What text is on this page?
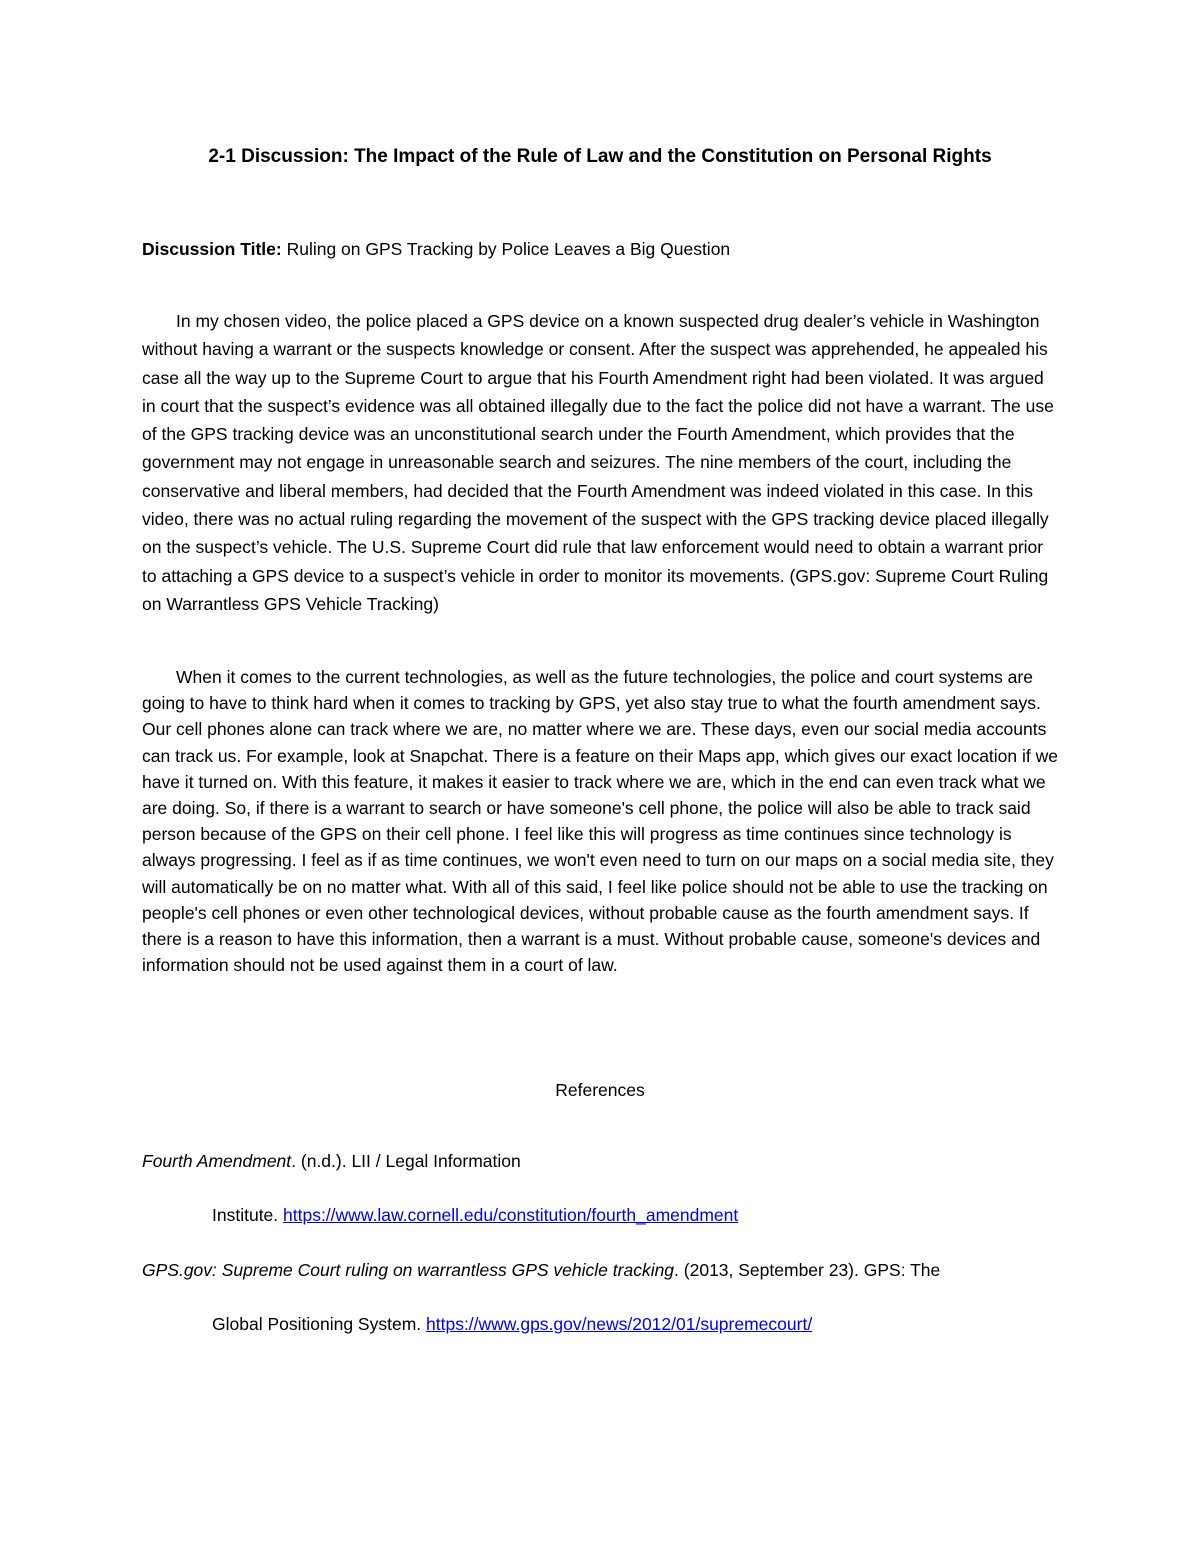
2-1 Discussion: The Impact of the Rule of Law and the Constitution on Personal Rights

Discussion Title: Ruling on GPS Tracking by Police Leaves a Big Question

In my chosen video, the police placed a GPS device on a known suspected drug dealer’s vehicle in Washington without having a warrant or the suspects knowledge or consent. After the suspect was apprehended, he appealed his case all the way up to the Supreme Court to argue that his Fourth Amendment right had been violated. It was argued in court that the suspect’s evidence was all obtained illegally due to the fact the police did not have a warrant. The use of the GPS tracking device was an unconstitutional search under the Fourth Amendment, which provides that the government may not engage in unreasonable search and seizures. The nine members of the court, including the conservative and liberal members, had decided that the Fourth Amendment was indeed violated in this case. In this video, there was no actual ruling regarding the movement of the suspect with the GPS tracking device placed illegally on the suspect’s vehicle. The U.S. Supreme Court did rule that law enforcement would need to obtain a warrant prior to attaching a GPS device to a suspect’s vehicle in order to monitor its movements. (GPS.gov: Supreme Court Ruling on Warrantless GPS Vehicle Tracking)

When it comes to the current technologies, as well as the future technologies, the police and court systems are going to have to think hard when it comes to tracking by GPS, yet also stay true to what the fourth amendment says. Our cell phones alone can track where we are, no matter where we are. These days, even our social media accounts can track us. For example, look at Snapchat. There is a feature on their Maps app, which gives our exact location if we have it turned on. With this feature, it makes it easier to track where we are, which in the end can even track what we are doing. So, if there is a warrant to search or have someone's cell phone, the police will also be able to track said person because of the GPS on their cell phone. I feel like this will progress as time continues since technology is always progressing. I feel as if as time continues, we won't even need to turn on our maps on a social media site, they will automatically be on no matter what. With all of this said, I feel like police should not be able to use the tracking on people's cell phones or even other technological devices, without probable cause as the fourth amendment says. If there is a reason to have this information, then a warrant is a must. Without probable cause, someone's devices and information should not be used against them in a court of law.

References

Fourth Amendment. (n.d.). LII / Legal Information

Institute. https://www.law.cornell.edu/constitution/fourth_amendment

GPS.gov: Supreme Court ruling on warrantless GPS vehicle tracking. (2013, September 23). GPS: The

Global Positioning System. https://www.gps.gov/news/2012/01/supremecourt/
